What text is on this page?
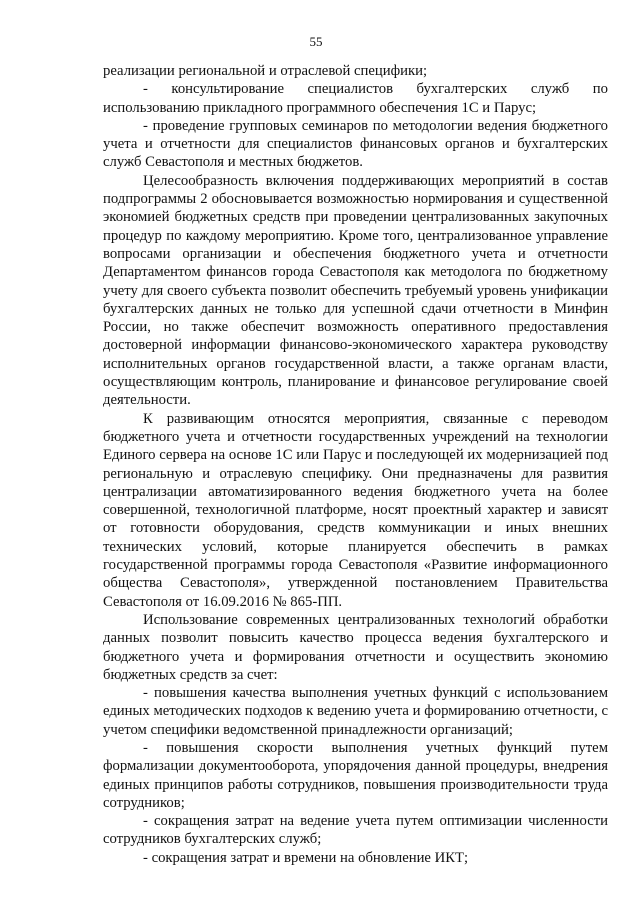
55

реализации региональной и отраслевой специфики;

- консультирование специалистов бухгалтерских служб по использованию прикладного программного обеспечения 1С и Парус;

- проведение групповых семинаров по методологии ведения бюджетного учета и отчетности для специалистов финансовых органов и бухгалтерских служб Севастополя и местных бюджетов.

Целесообразность включения поддерживающих мероприятий в состав подпрограммы 2 обосновывается возможностью нормирования и существенной экономией бюджетных средств при проведении централизованных закупочных процедур по каждому мероприятию. Кроме того, централизованное управление вопросами организации и обеспечения бюджетного учета и отчетности Департаментом финансов города Севастополя как методолога по бюджетному учету для своего субъекта позволит обеспечить требуемый уровень унификации бухгалтерских данных не только для успешной сдачи отчетности в Минфин России, но также обеспечит возможность оперативного предоставления достоверной информации финансово-экономического характера руководству исполнительных органов государственной власти, а также органам власти, осуществляющим контроль, планирование и финансовое регулирование своей деятельности.

К развивающим относятся мероприятия, связанные с переводом бюджетного учета и отчетности государственных учреждений на технологии Единого сервера на основе 1С или Парус и последующей их модернизацией под региональную и отраслевую специфику. Они предназначены для развития централизации автоматизированного ведения бюджетного учета на более совершенной, технологичной платформе, носят проектный характер и зависят от готовности оборудования, средств коммуникации и иных внешних технических условий, которые планируется обеспечить в рамках государственной программы города Севастополя «Развитие информационного общества Севастополя», утвержденной постановлением Правительства Севастополя от 16.09.2016 № 865-ПП.

Использование современных централизованных технологий обработки данных позволит повысить качество процесса ведения бухгалтерского и бюджетного учета и формирования отчетности и осуществить экономию бюджетных средств за счет:

- повышения качества выполнения учетных функций с использованием единых методических подходов к ведению учета и формированию отчетности, с учетом специфики ведомственной принадлежности организаций;

- повышения скорости выполнения учетных функций путем формализации документооборота, упорядочения данной процедуры, внедрения единых принципов работы сотрудников, повышения производительности труда сотрудников;

- сокращения затрат на ведение учета путем оптимизации численности сотрудников бухгалтерских служб;

- сокращения затрат и времени на обновление ИКТ;
